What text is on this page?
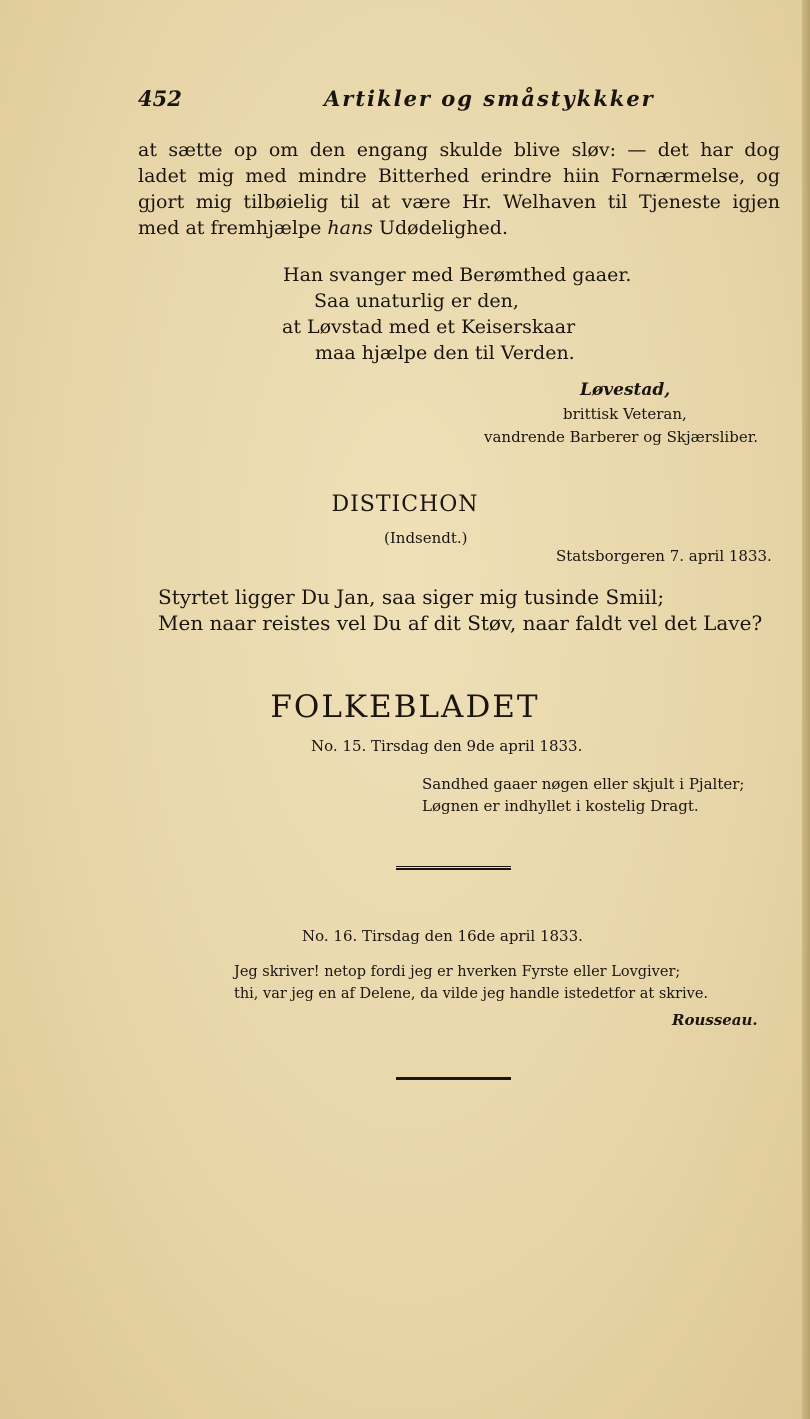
452	Artikler og småstykkker
at sætte op om den engang skulde blive sløv: — det har dog
ladet mig med mindre Bitterhed erindre hiin Fornærmelse, og
gjort mig tilbøielig til at være Hr. Welhaven til Tjeneste igjen
med at fremhjælpe hans Udødelighed.
Han svanger med Berømthed gaaer.
Saa unaturlig er den,
at Løvstad med et Keiserskaar
maa hjælpe den til Verden.
Løvestad,
brittisk Veteran,
vandrende Barberer og Skjærsliber.
DISTICHON
(Indsendt.)
Statsborgeren 7. april 1833.
Styrtet ligger Du Jan, saa siger mig tusinde Smiil;
Men naar reistes vel Du af dit Støv, naar faldt vel det Lave?
FOLKEBLADET
No. 15. Tirsdag den 9de april 1833.
Sandhed gaaer nøgen eller skjult i Pjalter;
Løgnen er indhyllet i kostelig Dragt.
No. 16. Tirsdag den 16de april 1833.
Jeg skriver! netop fordi jeg er hverken Fyrste eller Lovgiver;
thi, var jeg en af Delene, da vilde jeg handle istedetfor at skrive.
Rousseau.
